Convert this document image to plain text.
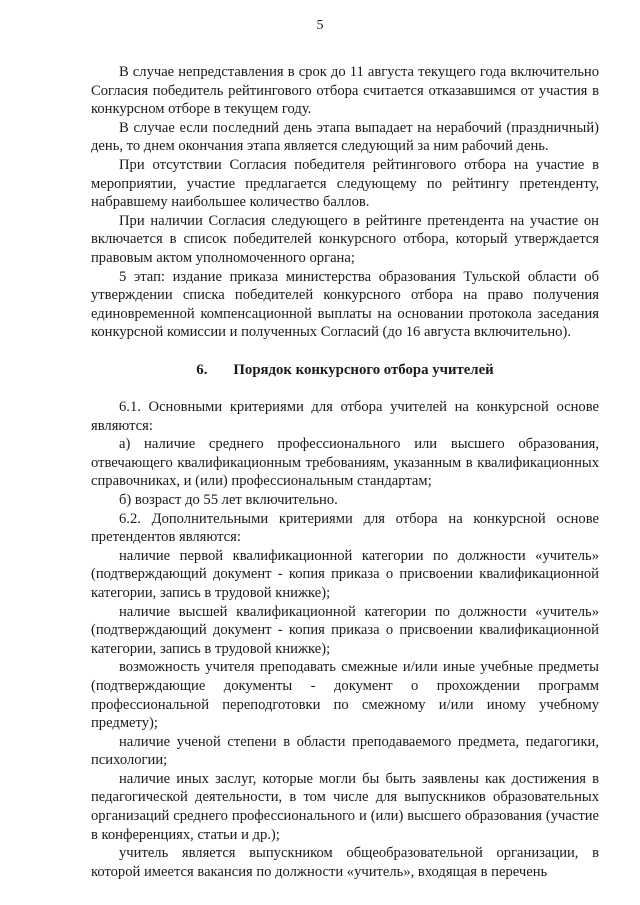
5

В случае непредставления в срок до 11 августа текущего года включительно Согласия победитель рейтингового отбора считается отказавшимся от участия в конкурсном отборе в текущем году.

В случае если последний день этапа выпадает на нерабочий (праздничный) день, то днем окончания этапа является следующий за ним рабочий день.

При отсутствии Согласия победителя рейтингового отбора на участие в мероприятии, участие предлагается следующему по рейтингу претенденту, набравшему наибольшее количество баллов.

При наличии Согласия следующего в рейтинге претендента на участие он включается в список победителей конкурсного отбора, который утверждается правовым актом уполномоченного органа;

5 этап: издание приказа министерства образования Тульской области об утверждении списка победителей конкурсного отбора на право получения единовременной компенсационной выплаты на основании протокола заседания конкурсной комиссии и полученных Согласий (до 16 августа включительно).

6. Порядок конкурсного отбора учителей

6.1. Основными критериями для отбора учителей на конкурсной основе являются:

а) наличие среднего профессионального или высшего образования, отвечающего квалификационным требованиям, указанным в квалификационных справочниках, и (или) профессиональным стандартам;

б) возраст до 55 лет включительно.

6.2. Дополнительными критериями для отбора на конкурсной основе претендентов являются:

наличие первой квалификационной категории по должности «учитель» (подтверждающий документ - копия приказа о присвоении квалификационной категории, запись в трудовой книжке);

наличие высшей квалификационной категории по должности «учитель» (подтверждающий документ - копия приказа о присвоении квалификационной категории, запись в трудовой книжке);

возможность учителя преподавать смежные и/или иные учебные предметы (подтверждающие документы - документ о прохождении программ профессиональной переподготовки по смежному и/или иному учебному предмету);

наличие ученой степени в области преподаваемого предмета, педагогики, психологии;

наличие иных заслуг, которые могли бы быть заявлены как достижения в педагогической деятельности, в том числе для выпускников образовательных организаций среднего профессионального и (или) высшего образования (участие в конференциях, статьи и др.);

учитель является выпускником общеобразовательной организации, в которой имеется вакансия по должности «учитель», входящая в перечень
